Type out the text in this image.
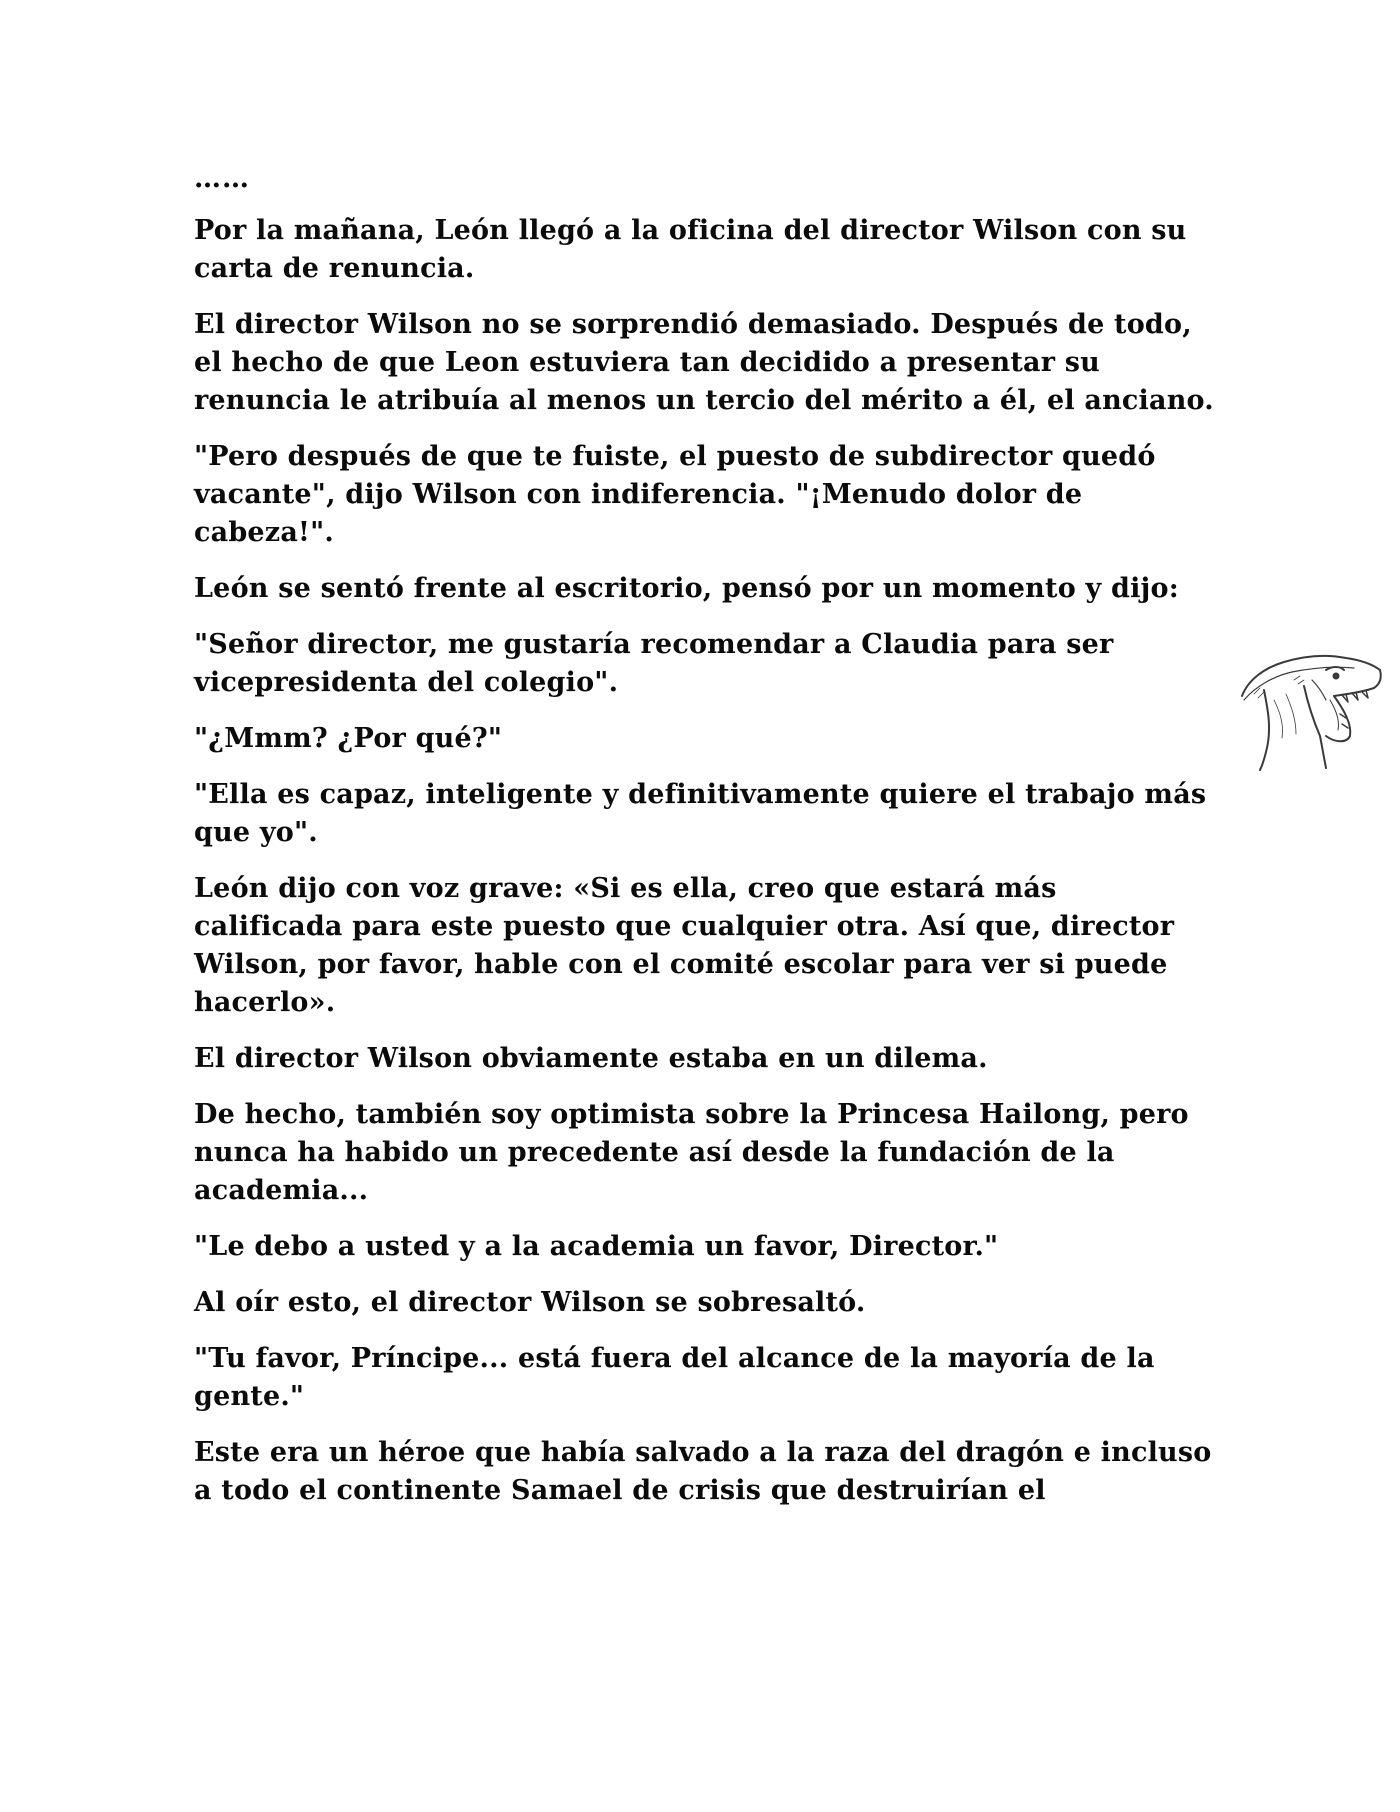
……

Por la mañana, León llegó a la oficina del director Wilson con su carta de renuncia.

El director Wilson no se sorprendió demasiado. Después de todo, el hecho de que Leon estuviera tan decidido a presentar su renuncia le atribuía al menos un tercio del mérito a él, el anciano.

"Pero después de que te fuiste, el puesto de subdirector quedó vacante", dijo Wilson con indiferencia. "¡Menudo dolor de cabeza!".

León se sentó frente al escritorio, pensó por un momento y dijo:

"Señor director, me gustaría recomendar a Claudia para ser vicepresidenta del colegio".

"¿Mmm? ¿Por qué?"

"Ella es capaz, inteligente y definitivamente quiere el trabajo más que yo".

León dijo con voz grave: «Si es ella, creo que estará más calificada para este puesto que cualquier otra. Así que, director Wilson, por favor, hable con el comité escolar para ver si puede hacerlo».

El director Wilson obviamente estaba en un dilema.

De hecho, también soy optimista sobre la Princesa Hailong, pero nunca ha habido un precedente así desde la fundación de la academia...

"Le debo a usted y a la academia un favor, Director."

Al oír esto, el director Wilson se sobresaltó.

"Tu favor, Príncipe... está fuera del alcance de la mayoría de la gente."

Este era un héroe que había salvado a la raza del dragón e incluso a todo el continente Samael de crisis que destruirían el
